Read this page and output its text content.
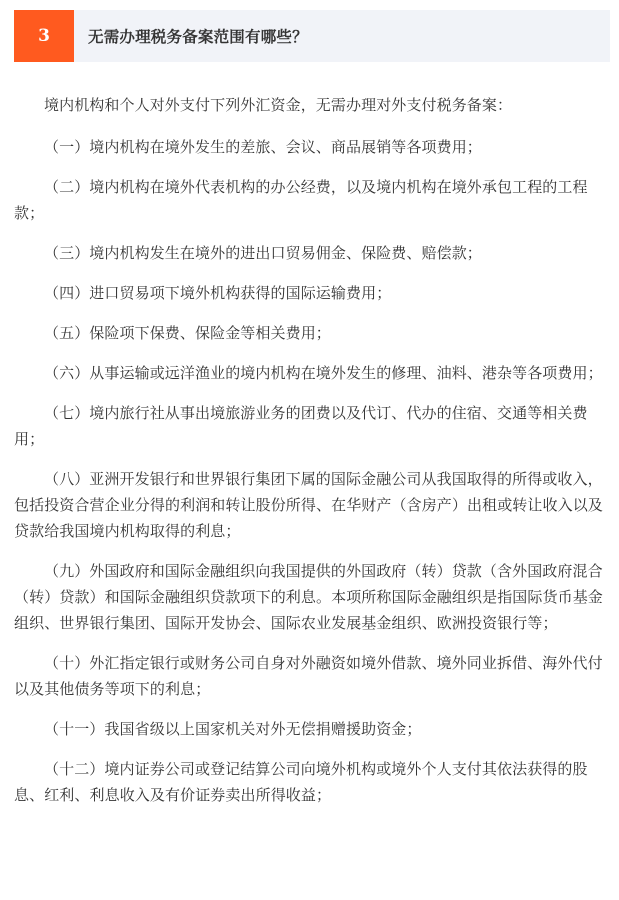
3	无需办理税务备案范围有哪些？

境内机构和个人对外支付下列外汇资金，无需办理对外支付税务备案：

（一）境内机构在境外发生的差旅、会议、商品展销等各项费用；

（二）境内机构在境外代表机构的办公经费，以及境内机构在境外承包工程的工程款；

（三）境内机构发生在境外的进出口贸易佣金、保险费、赔偿款；

（四）进口贸易项下境外机构获得的国际运输费用；

（五）保险项下保费、保险金等相关费用；

（六）从事运输或远洋渔业的境内机构在境外发生的修理、油料、港杂等各项费用；

（七）境内旅行社从事出境旅游业务的团费以及代订、代办的住宿、交通等相关费用；

（八）亚洲开发银行和世界银行集团下属的国际金融公司从我国取得的所得或收入，包括投资合营企业分得的利润和转让股份所得、在华财产（含房产）出租或转让收入以及贷款给我国境内机构取得的利息；

（九）外国政府和国际金融组织向我国提供的外国政府（转）贷款（含外国政府混合（转）贷款）和国际金融组织贷款项下的利息。本项所称国际金融组织是指国际货币基金组织、世界银行集团、国际开发协会、国际农业发展基金组织、欧洲投资银行等；

（十）外汇指定银行或财务公司自身对外融资如境外借款、境外同业拆借、海外代付以及其他债务等项下的利息；

（十一）我国省级以上国家机关对外无偿捐赠援助资金；

（十二）境内证券公司或登记结算公司向境外机构或境外个人支付其依法获得的股息、红利、利息收入及有价证券卖出所得收益；
